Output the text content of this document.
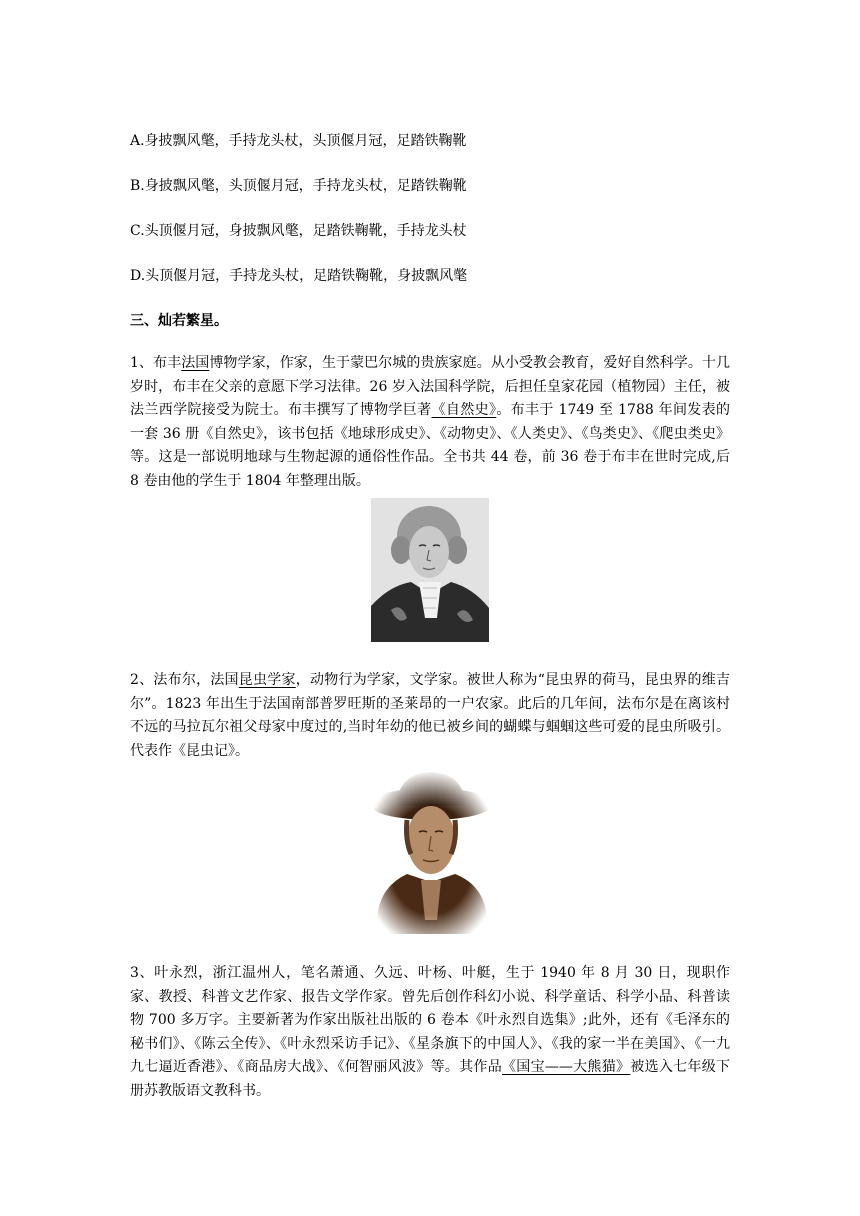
A.身披飘风氅，手持龙头杖，头顶偃月冠，足踏铁鞠靴
B.身披飘风氅，头顶偃月冠，手持龙头杖，足踏铁鞠靴
C.头顶偃月冠，身披飘风氅，足踏铁鞠靴，手持龙头杖
D.头顶偃月冠，手持龙头杖，足踏铁鞠靴，身披飘风氅
三、灿若繁星。
1、布丰法国博物学家，作家，生于蒙巴尔城的贵族家庭。从小受教会教育，爱好自然科学。十几岁时，布丰在父亲的意愿下学习法律。26 岁入法国科学院，后担任皇家花园（植物园）主任，被法兰西学院接受为院士。布丰撰写了博物学巨著《自然史》。布丰于 1749 至 1788 年间发表的一套 36 册《自然史》，该书包括《地球形成史》、《动物史》、《人类史》、《鸟类史》、《爬虫类史》等。这是一部说明地球与生物起源的通俗性作品。全书共 44 卷，前 36 卷于布丰在世时完成,后 8 卷由他的学生于 1804 年整理出版。
2、法布尔，法国昆虫学家，动物行为学家，文学家。被世人称为“昆虫界的荷马，昆虫界的维吉尔”。1823 年出生于法国南部普罗旺斯的圣莱昂的一户农家。此后的几年间，法布尔是在离该村不远的马拉瓦尔祖父母家中度过的,当时年幼的他已被乡间的蝴蝶与蝈蝈这些可爱的昆虫所吸引。代表作《昆虫记》。
3、叶永烈，浙江温州人，笔名萧通、久远、叶杨、叶艇，生于 1940 年 8 月 30 日，现职作家、教授、科普文艺作家、报告文学作家。曾先后创作科幻小说、科学童话、科学小品、科普读物 700 多万字。主要新著为作家出版社出版的 6 卷本《叶永烈自选集》;此外，还有《毛泽东的秘书们》、《陈云全传》、《叶永烈采访手记》、《星条旗下的中国人》、《我的家一半在美国》、《一九九七逼近香港》、《商品房大战》、《何智丽风波》等。其作品《国宝——大熊猫》被选入七年级下册苏教版语文教科书。
